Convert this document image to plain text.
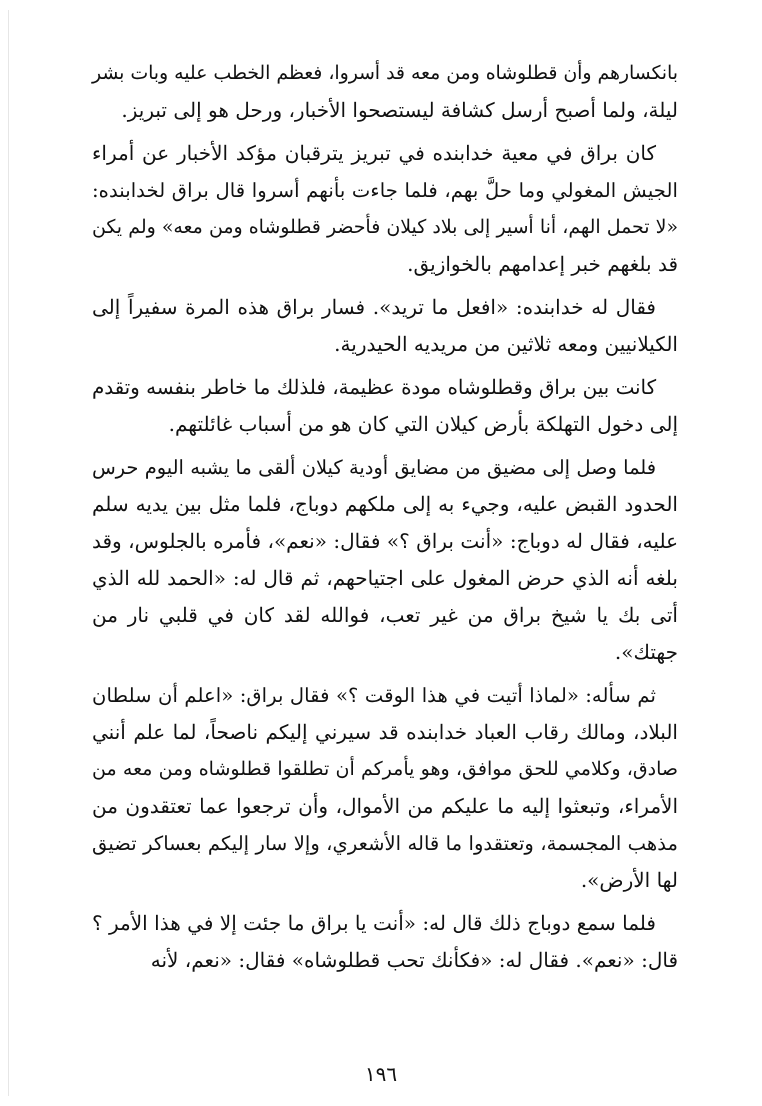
بانكسارهم وأن قطلوشاه ومن معه قد أسروا، فعظم الخطب عليه وبات بشر
ليلة، ولما أصبح أرسل كشافة ليستصحوا الأخبار، ورحل هو إلى تبريز.

كان براق في معية خدابنده في تبريز يترقبان مؤكد الأخبار عن أمراء
الجيش المغولي وما حلَّ بهم، فلما جاءت بأنهم أسروا قال براق لخدابنده:
«لا تحمل الهم، أنا أسير إلى بلاد كيلان فأحضر قطلوشاه ومن معه» ولم يكن
قد بلغهم خبر إعدامهم بالخوازيق.

فقال له خدابنده: «افعل ما تريد». فسار براق هذه المرة سفيراً إلى
الكيلانيين ومعه ثلاثين من مريديه الحيدرية.

كانت بين براق وقطلوشاه مودة عظيمة، فلذلك ما خاطر بنفسه وتقدم
إلى دخول التهلكة بأرض كيلان التي كان هو من أسباب غائلتهم.

فلما وصل إلى مضيق من مضايق أودية كيلان ألقى ما يشبه اليوم حرس
الحدود القبض عليه، وجيء به إلى ملكهم دوباج، فلما مثل بين يديه سلم
عليه، فقال له دوباج: «أنت براق ؟» فقال: «نعم»، فأمره بالجلوس، وقد
بلغه أنه الذي حرض المغول على اجتياحهم، ثم قال له: «الحمد لله الذي
أتى بك يا شيخ براق من غير تعب، فوالله لقد كان في قلبي نار من
جهتك».

ثم سأله: «لماذا أتيت في هذا الوقت ؟» فقال براق: «اعلم أن سلطان
البلاد، ومالك رقاب العباد خدابنده قد سيرني إليكم ناصحاً، لما علم أنني
صادق، وكلامي للحق موافق، وهو يأمركم أن تطلقوا قطلوشاه ومن معه من
الأمراء، وتبعثوا إليه ما عليكم من الأموال، وأن ترجعوا عما تعتقدون من
مذهب المجسمة، وتعتقدوا ما قاله الأشعري، وإلا سار إليكم بعساكر تضيق
لها الأرض».

فلما سمع دوباج ذلك قال له: «أنت يا براق ما جئت إلا في هذا الأمر ؟
قال: «نعم». فقال له: «فكأنك تحب قطلوشاه» فقال: «نعم، لأنه

١٩٦
